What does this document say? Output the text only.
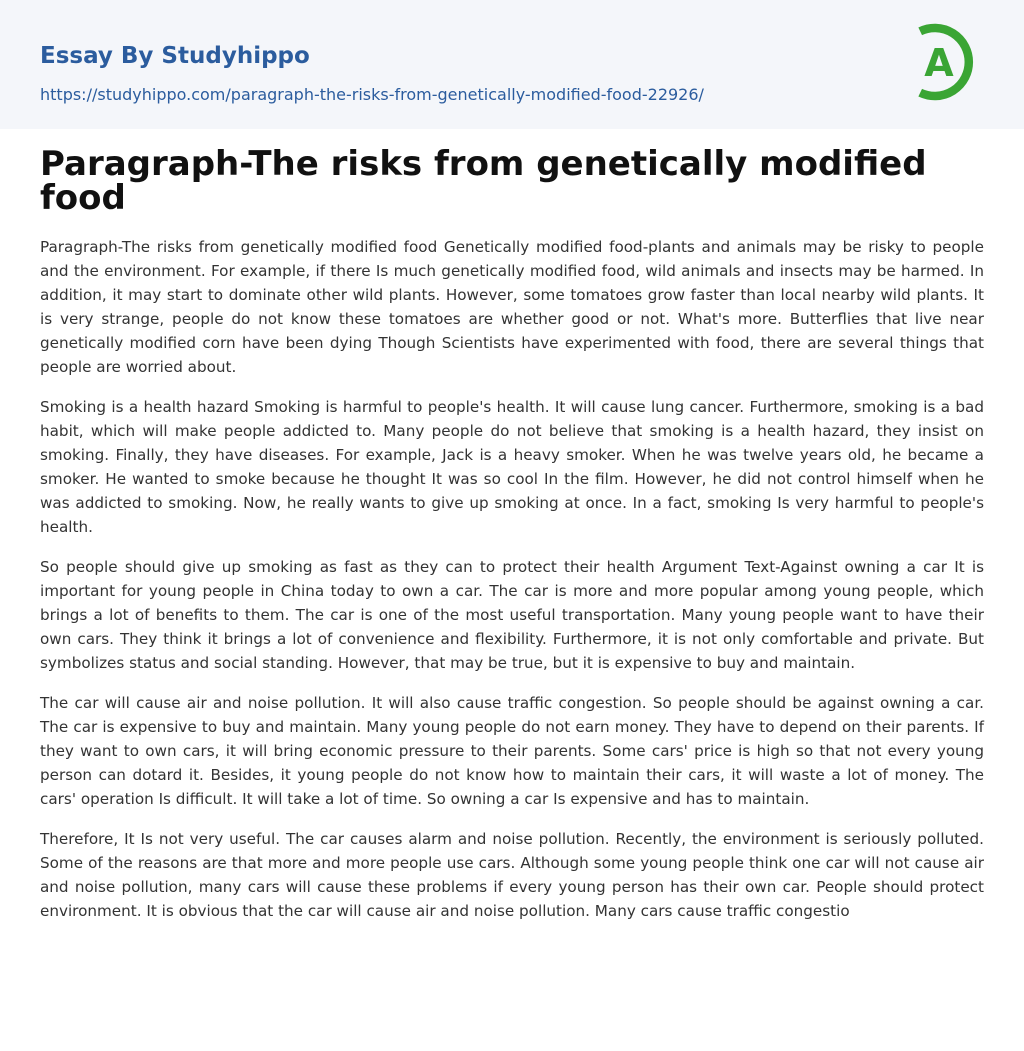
Essay By Studyhippo
https://studyhippo.com/paragraph-the-risks-from-genetically-modified-food-22926/
A
Paragraph-The risks from genetically modified food

Paragraph-The risks from genetically modified food Genetically modified food-plants and animals may be risky to people and the environment. For example, if there Is much genetically modified food, wild animals and insects may be harmed. In addition, it may start to dominate other wild plants. However, some tomatoes grow faster than local nearby wild plants. It is very strange, people do not know these tomatoes are whether good or not. What's more. Butterflies that live near genetically modified corn have been dying Though Scientists have experimented with food, there are several things that people are worried about.

Smoking is a health hazard Smoking is harmful to people's health. It will cause lung cancer. Furthermore, smoking is a bad habit, which will make people addicted to. Many people do not believe that smoking is a health hazard, they insist on smoking. Finally, they have diseases. For example, Jack is a heavy smoker. When he was twelve years old, he became a smoker. He wanted to smoke because he thought It was so cool In the film. However, he did not control himself when he was addicted to smoking. Now, he really wants to give up smoking at once. In a fact, smoking Is very harmful to people's health.

So people should give up smoking as fast as they can to protect their health Argument Text-Against owning a car It is important for young people in China today to own a car. The car is more and more popular among young people, which brings a lot of benefits to them. The car is one of the most useful transportation. Many young people want to have their own cars. They think it brings a lot of convenience and flexibility. Furthermore, it is not only comfortable and private. But symbolizes status and social standing. However, that may be true, but it is expensive to buy and maintain.

The car will cause air and noise pollution. It will also cause traffic congestion. So people should be against owning a car. The car is expensive to buy and maintain. Many young people do not earn money. They have to depend on their parents. If they want to own cars, it will bring economic pressure to their parents. Some cars' price is high so that not every young person can dotard it. Besides, it young people do not know how to maintain their cars, it will waste a lot of money. The cars' operation Is difficult. It will take a lot of time. So owning a car Is expensive and has to maintain.

Therefore, It Is not very useful. The car causes alarm and noise pollution. Recently, the environment is seriously polluted. Some of the reasons are that more and more people use cars. Although some young people think one car will not cause air and noise pollution, many cars will cause these problems if every young person has their own car. People should protect environment. It is obvious that the car will cause air and noise pollution. Many cars cause traffic congestio
